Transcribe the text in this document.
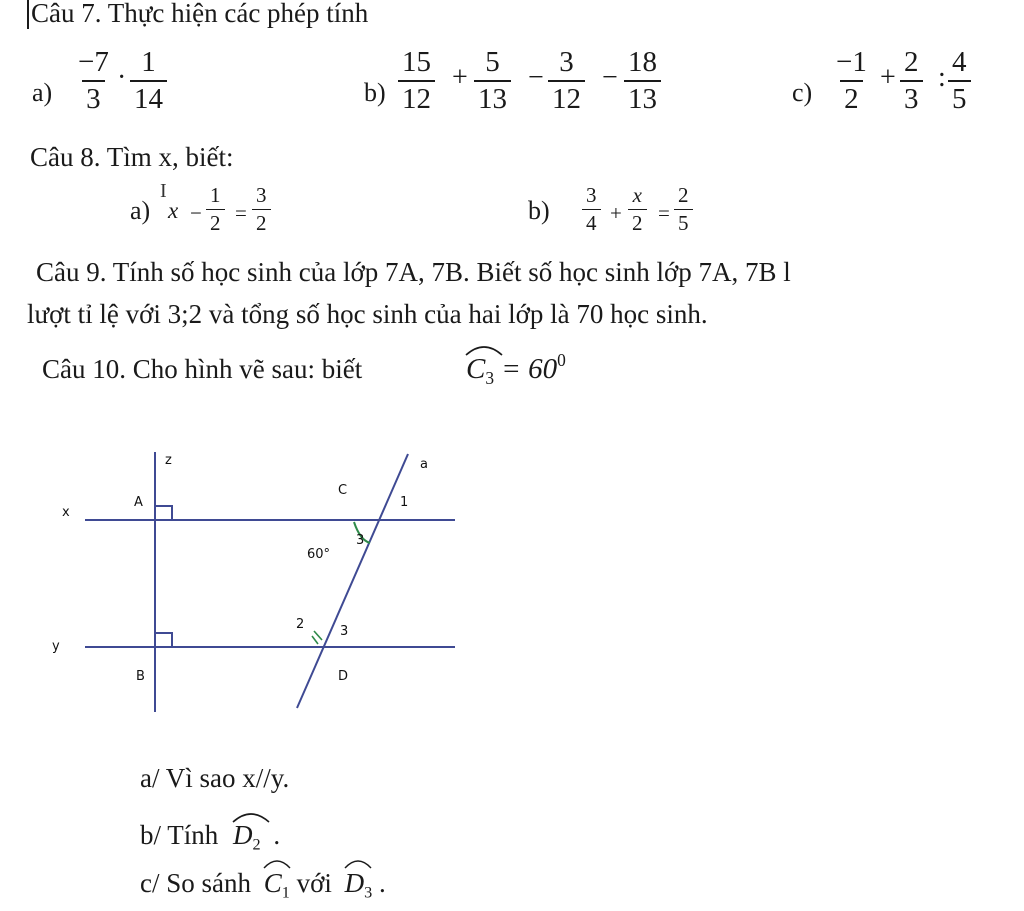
Câu 7. Thực hiện các phép tính
$a) \frac{-7}{3} \cdot \frac{1}{14}$	$b) \frac{15}{12} + \frac{5}{13} - \frac{3}{12} - \frac{18}{13}$	$c) \frac{-1}{2} + \frac{2}{3}$ : $\frac{4}{5}$
Câu 8. Tìm x, biết:
a)
I
$x - \frac{1}{2} = \frac{3}{2}$	$b) \frac{3}{4} + \frac{x}{2} = \frac{2}{5}$
Câu 9. Tính số học sinh của lớp 7A, 7B. Biết số học sinh lớp 7A, 7B l
lượt tỉ lệ với 3;2 và tổng số học sinh của hai lớp là 70 học sinh.
Câu 10. Cho hình vẽ sau: biết	$C_3 = 60^0$
z	a
x
y
A
B
C
D
1
3
60°
2	3
a/ Vì sao x//y.
b/ Tính $D_2$ .
c/ So sánh $C_1$ với $D_3$ .
